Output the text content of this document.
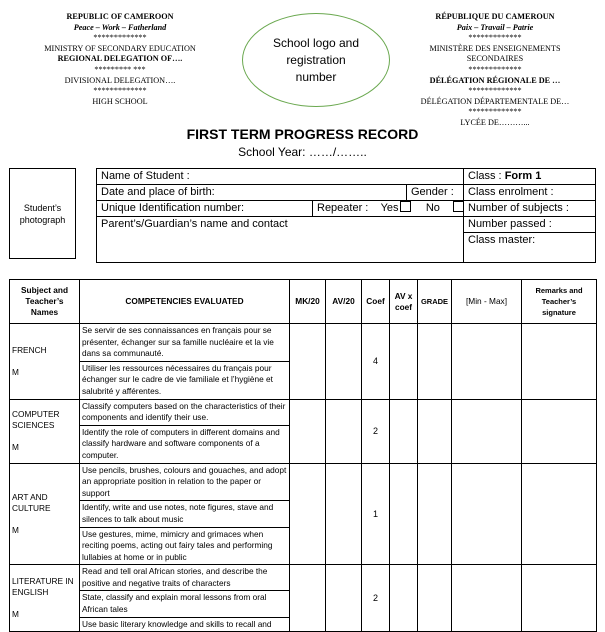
REPUBLIC OF CAMEROON
Peace – Work – Fatherland
*************
MINISTRY OF SECONDARY EDUCATION
REGIONAL DELEGATION OF….
********* ***
DIVISIONAL DELEGATION….
*************
HIGH SCHOOL
School logo and registration number
RÉPUBLIQUE DU CAMEROUN
Paix – Travail – Patrie
*************
MINISTÈRE DES ENSEIGNEMENTS SECONDAIRES
*************
DÉLÉGATION RÉGIONALE DE …
*************
DÉLÉGATION DÉPARTEMENTALE DE…
*************
LYCÉE DE………...
FIRST TERM PROGRESS RECORD
School Year: ……/……..
Student’s photograph
Name of Student :	Class : Form 1
Date and place of birth:	Gender :	Class enrolment :
Unique Identification number:	Repeater : Yes No	Number of subjects :
Parent’s/Guardian’s name and contact	Number passed :
Class master:
Subject and Teacher’s Names	COMPETENCIES EVALUATED	MK/20	AV/20	Coef	AV x coef	GRADE	[Min - Max]	Remarks and Teacher’s signature

FRENCH

M	Se servir de ses connaissances en français pour se présenter, échanger sur sa famille nucléaire et la vie dans sa communauté.			4				
	Utiliser les ressources nécessaires du français pour échanger sur le cadre de vie familiale et l’hygiène et salubrité y afférentes.							

COMPUTER SCIENCES

M	Classify computers based on the characteristics of their components and identify their use.			2				
	Identify the role of computers in different domains and classify hardware and software components of a computer.							

ART AND CULTURE

M	Use pencils, brushes, colours and gouaches, and adopt an appropriate position in relation to the paper or support			1				
	Identify, write and use notes, note figures, stave and silences to talk about music							
	Use gestures, mime, mimicry and grimaces when reciting poems, acting out fairy tales and performing lullabies at home or in public							

LITERATURE IN ENGLISH

M	Read and tell oral African stories, and describe the positive and negative traits of characters			2				
	State, classify and explain moral lessons from oral African tales							
	Use basic literary knowledge and skills to recall and							
